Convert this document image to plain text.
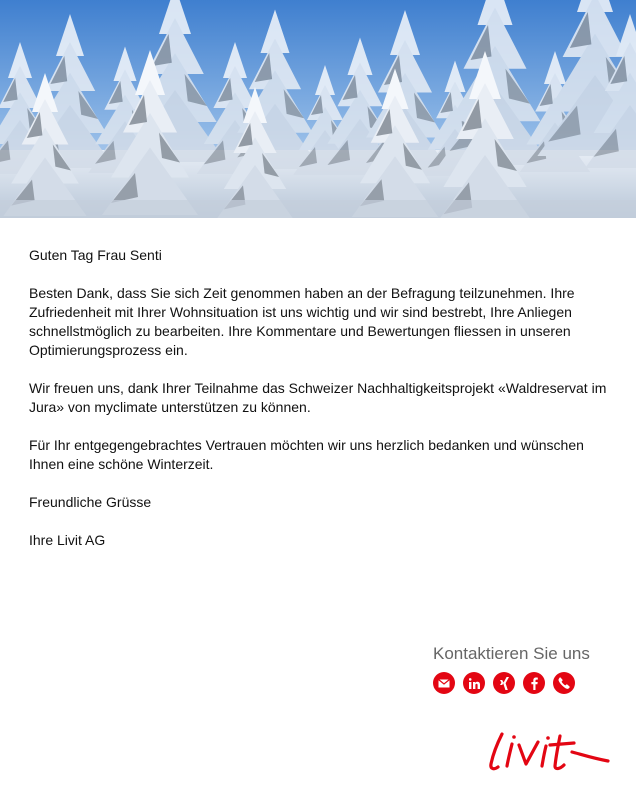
Guten Tag Frau Senti

Besten Dank, dass Sie sich Zeit genommen haben an der Befragung teilzunehmen. Ihre Zufriedenheit mit Ihrer Wohnsituation ist uns wichtig und wir sind bestrebt, Ihre Anliegen schnellstmöglich zu bearbeiten. Ihre Kommentare und Bewertungen fliessen in unseren Optimierungsprozess ein.

Wir freuen uns, dank Ihrer Teilnahme das Schweizer Nachhaltigkeitsprojekt «Waldreservat im Jura» von myclimate unterstützen zu können.

Für Ihr entgegengebrachtes Vertrauen möchten wir uns herzlich bedanken und wünschen Ihnen eine schöne Winterzeit.

Freundliche Grüsse

Ihre Livit AG

Kontaktieren Sie uns
